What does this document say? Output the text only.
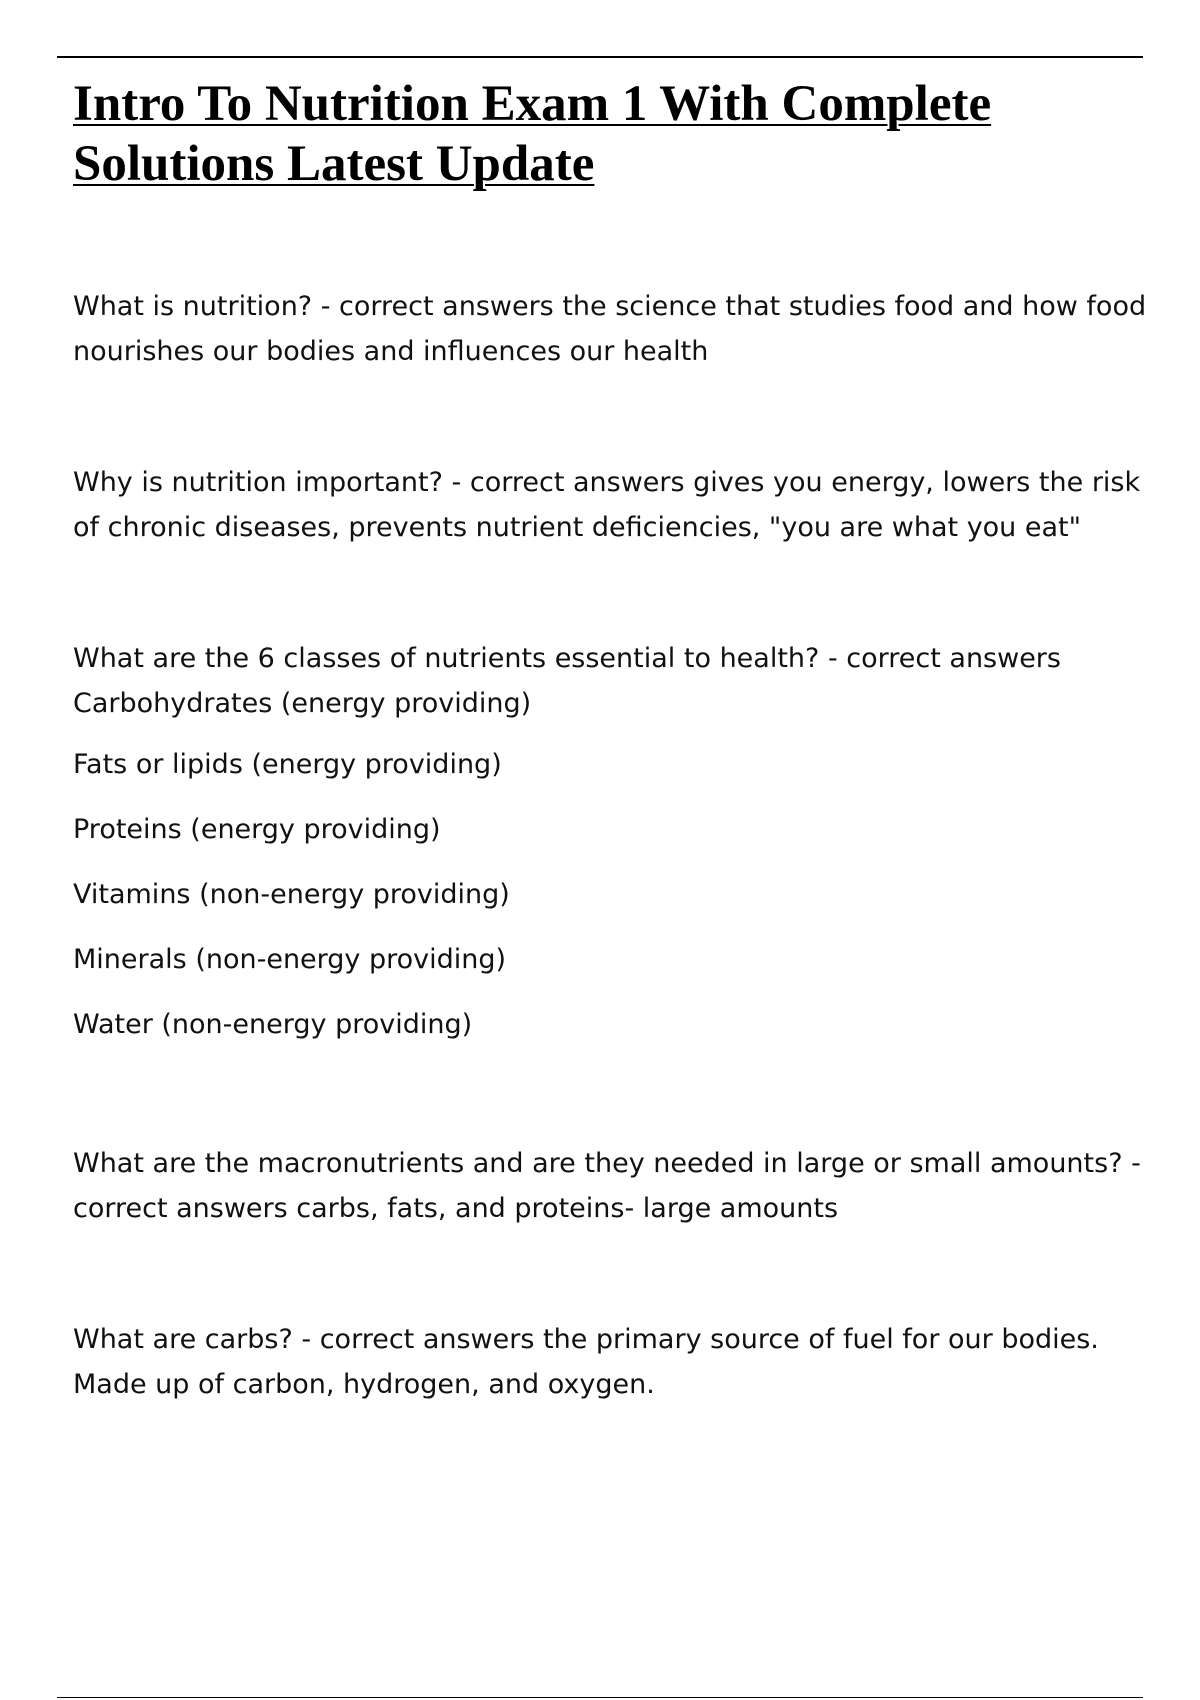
Intro To Nutrition Exam 1 With Complete Solutions Latest Update

What is nutrition? - correct answers the science that studies food and how food nourishes our bodies and influences our health

Why is nutrition important? - correct answers gives you energy, lowers the risk of chronic diseases, prevents nutrient deficiencies, "you are what you eat"

What are the 6 classes of nutrients essential to health? - correct answers

Carbohydrates (energy providing)
Fats or lipids (energy providing)
Proteins (energy providing)
Vitamins (non-energy providing)
Minerals (non-energy providing)
Water (non-energy providing)

What are the macronutrients and are they needed in large or small amounts? - correct answers carbs, fats, and proteins- large amounts

What are carbs? - correct answers the primary source of fuel for our bodies. Made up of carbon, hydrogen, and oxygen.
